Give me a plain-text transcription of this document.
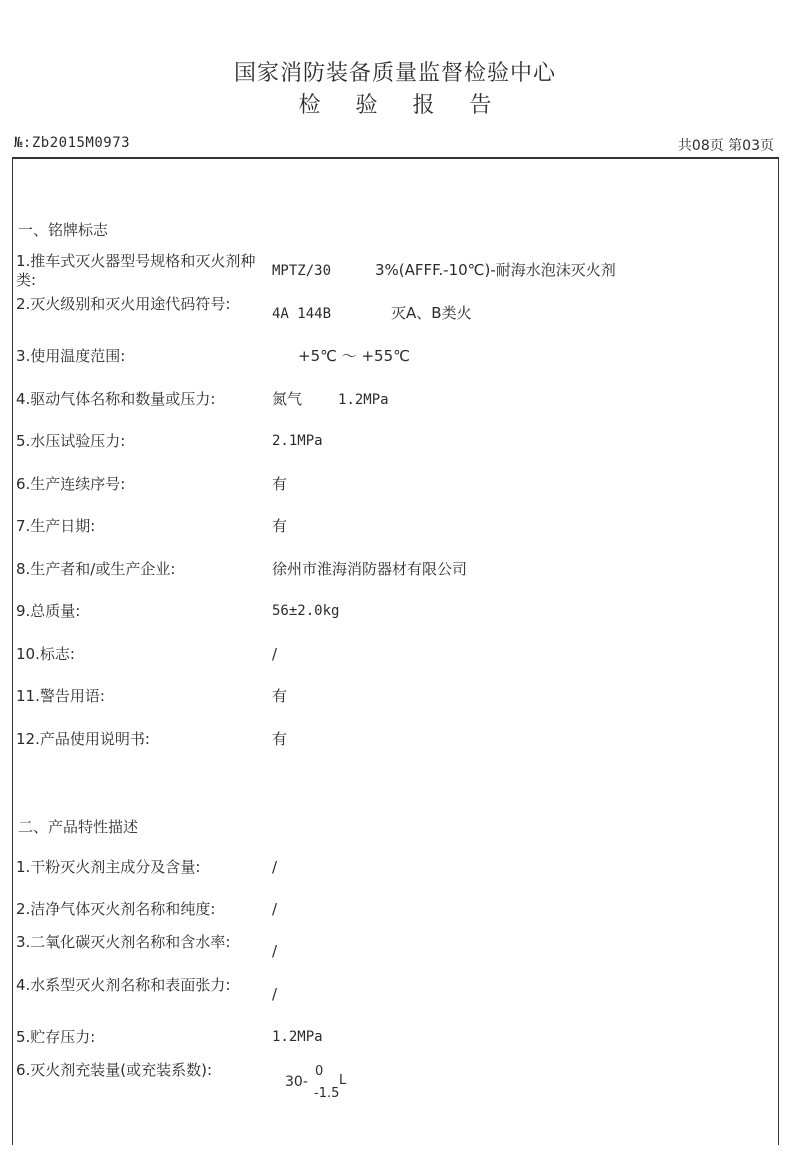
国家消防装备质量监督检验中心
检 验 报 告
№:Zb2015M0973	共08页 第03页
一、铭牌标志
1.推车式灭火器型号规格和灭火剂种类:	MPTZ/30	3%(AFFF.-10℃)-耐海水泡沫灭火剂
2.灭火级别和灭火用途代码符号:
4A 144B	灭A、B类火
3.使用温度范围:	+5℃ ～ +55℃
4.驱动气体名称和数量或压力:	氮气	1.2MPa
5.水压试验压力:	2.1MPa
6.生产连续序号:	有
7.生产日期:	有
8.生产者和/或生产企业:	徐州市淮海消防器材有限公司
9.总质量:	56±2.0kg
10.标志:	/
11.警告用语:	有
12.产品使用说明书:	有
二、产品特性描述
1.干粉灭火剂主成分及含量:	/
2.洁净气体灭火剂名称和纯度:	/
3.二氧化碳灭火剂名称和含水率:	/
4.水系型灭火剂名称和表面张力:	/
5.贮存压力:	1.2MPa
6.灭火剂充装量(或充装系数):
30-
0
-1.5
L
